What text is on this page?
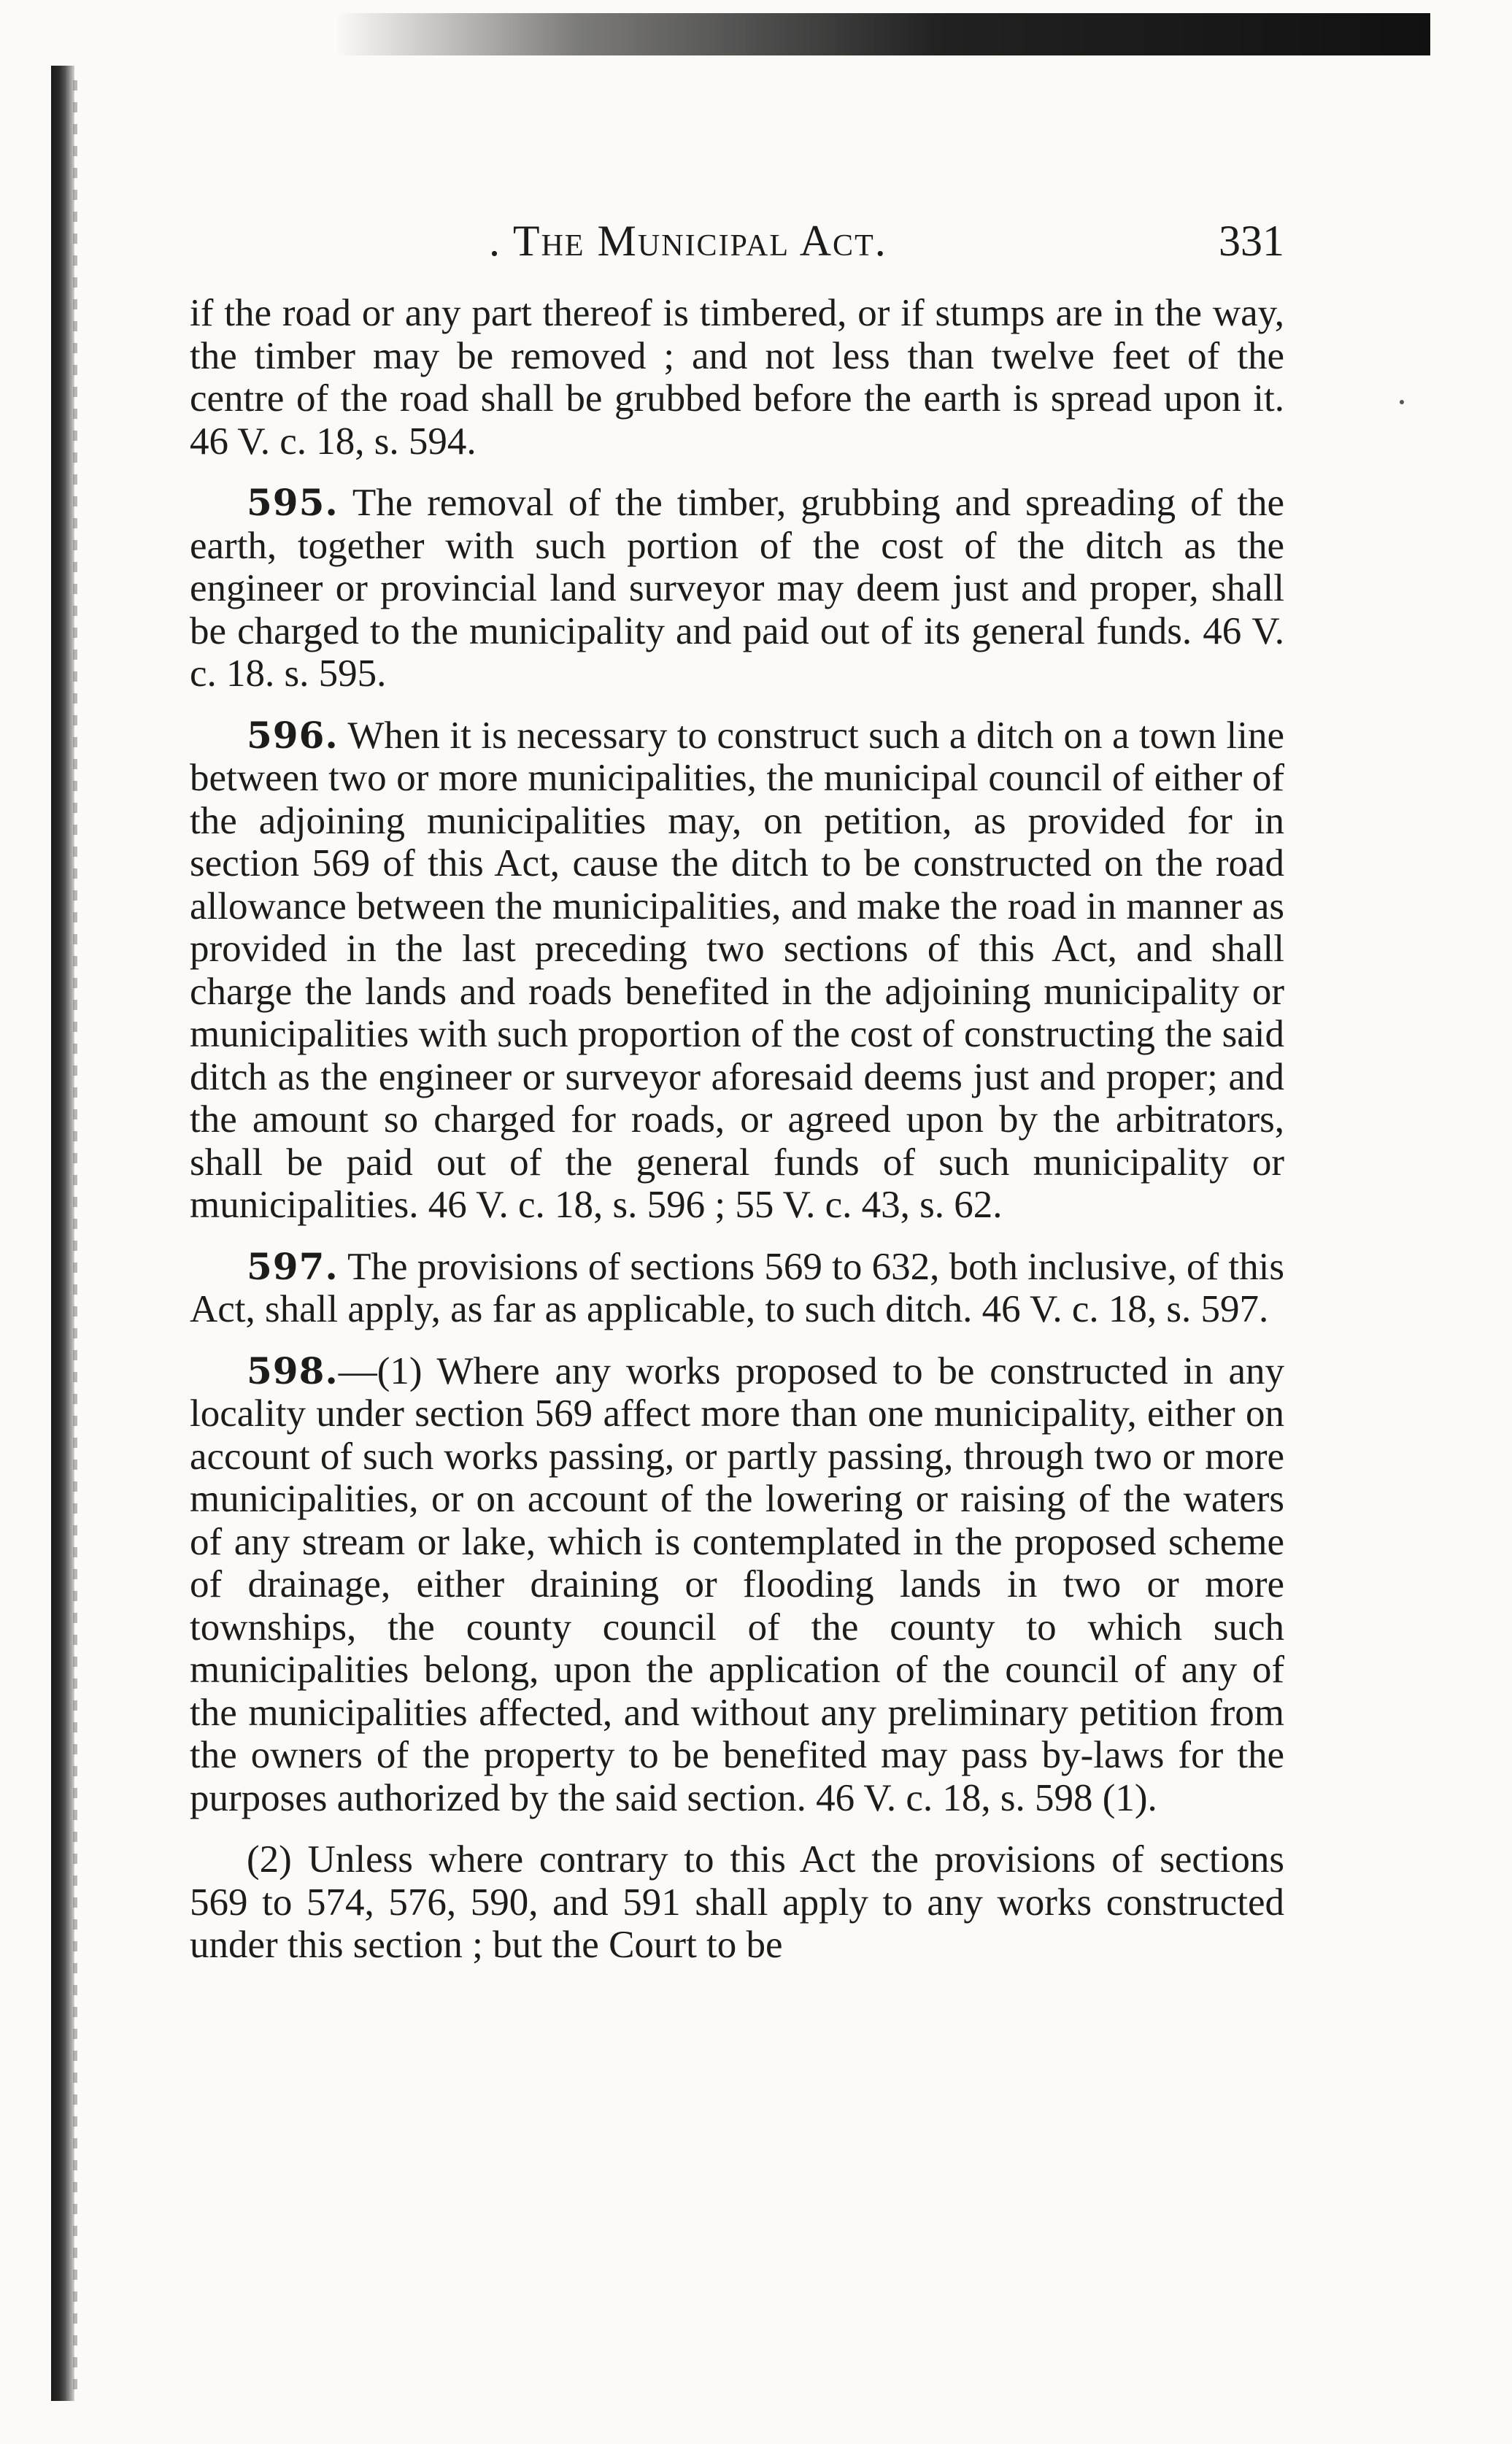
. The Municipal Act.	331

if the road or any part thereof is timbered, or if stumps are in the way, the timber may be removed ; and not less than twelve feet of the centre of the road shall be grubbed before the earth is spread upon it. 46 V. c. 18, s. 594.

595. The removal of the timber, grubbing and spreading of the earth, together with such portion of the cost of the ditch as the engineer or provincial land surveyor may deem just and proper, shall be charged to the municipality and paid out of its general funds. 46 V. c. 18. s. 595.

596. When it is necessary to construct such a ditch on a town line between two or more municipalities, the municipal council of either of the adjoining municipalities may, on petition, as provided for in section 569 of this Act, cause the ditch to be constructed on the road allowance between the municipalities, and make the road in manner as provided in the last preceding two sections of this Act, and shall charge the lands and roads benefited in the adjoining municipality or municipalities with such proportion of the cost of constructing the said ditch as the engineer or surveyor aforesaid deems just and proper; and the amount so charged for roads, or agreed upon by the arbitrators, shall be paid out of the general funds of such municipality or municipalities. 46 V. c. 18, s. 596 ; 55 V. c. 43, s. 62.

597. The provisions of sections 569 to 632, both inclusive, of this Act, shall apply, as far as applicable, to such ditch. 46 V. c. 18, s. 597.

598.—(1) Where any works proposed to be constructed in any locality under section 569 affect more than one municipality, either on account of such works passing, or partly passing, through two or more municipalities, or on account of the lowering or raising of the waters of any stream or lake, which is contemplated in the proposed scheme of drainage, either draining or flooding lands in two or more townships, the county council of the county to which such municipalities belong, upon the application of the council of any of the municipalities affected, and without any preliminary petition from the owners of the property to be benefited may pass by-laws for the purposes authorized by the said section. 46 V. c. 18, s. 598 (1).

(2) Unless where contrary to this Act the provisions of sections 569 to 574, 576, 590, and 591 shall apply to any works constructed under this section ; but the Court to be
